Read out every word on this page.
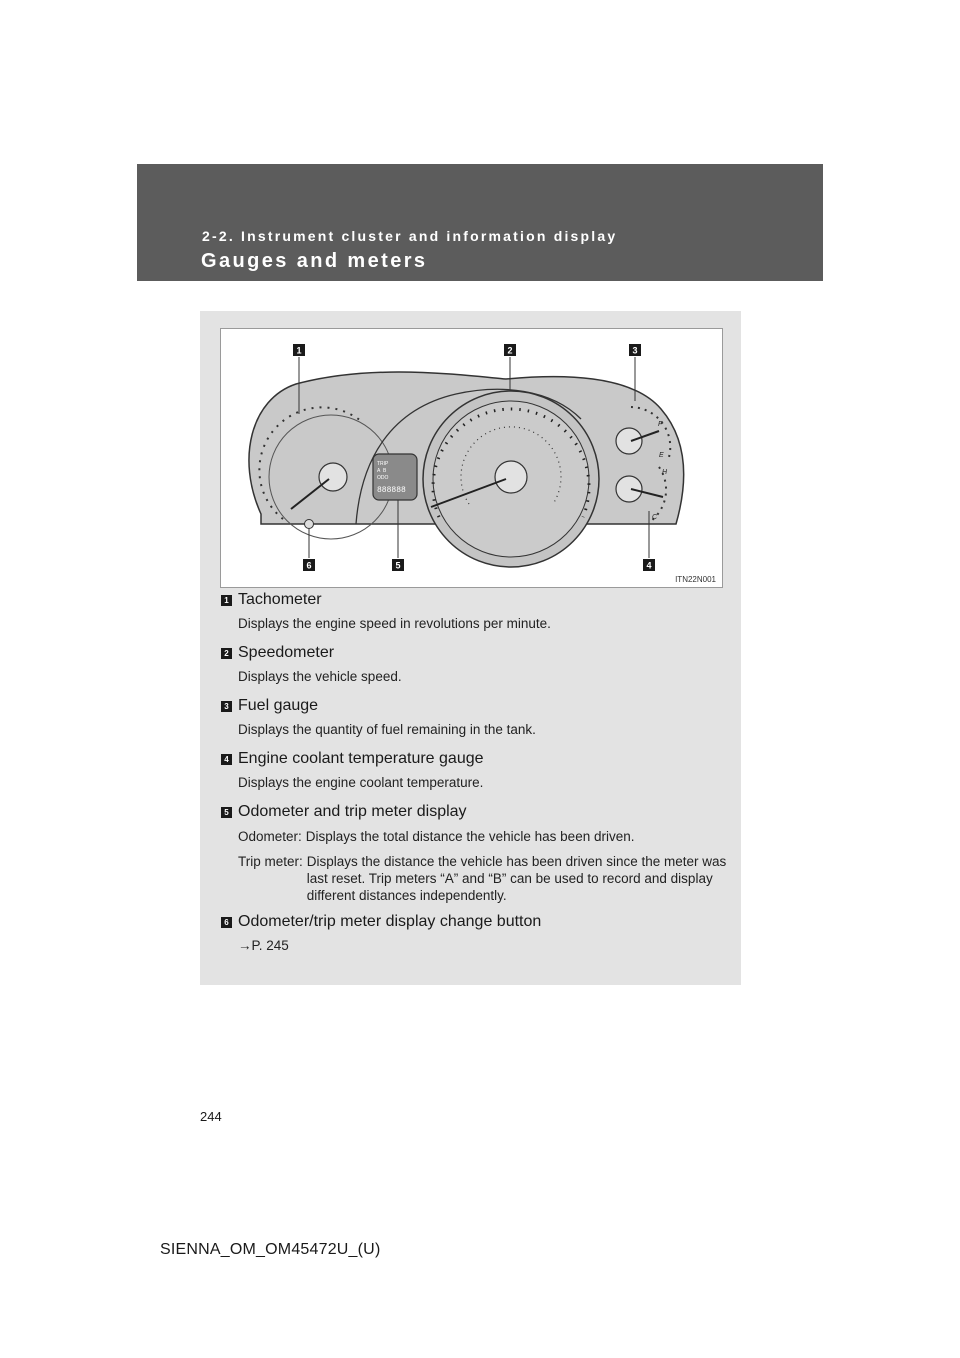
2-2. Instrument cluster and information display
Gauges and meters
TRIP
A B
ODO
888888
F
E
H
C
1	2	3
4
5
6
ITN22N001
1 Tachometer

Displays the engine speed in revolutions per minute.

2 Speedometer

Displays the vehicle speed.

3 Fuel gauge

Displays the quantity of fuel remaining in the tank.

4 Engine coolant temperature gauge

Displays the engine coolant temperature.

5 Odometer and trip meter display

Odometer: Displays the total distance the vehicle has been driven.
Trip meter: Displays the distance the vehicle has been driven since the meter was last reset. Trip meters “A” and “B” can be used to record and display different distances independently.
6 Odometer/trip meter display change button

→P. 245

244
SIENNA_OM_OM45472U_(U)
